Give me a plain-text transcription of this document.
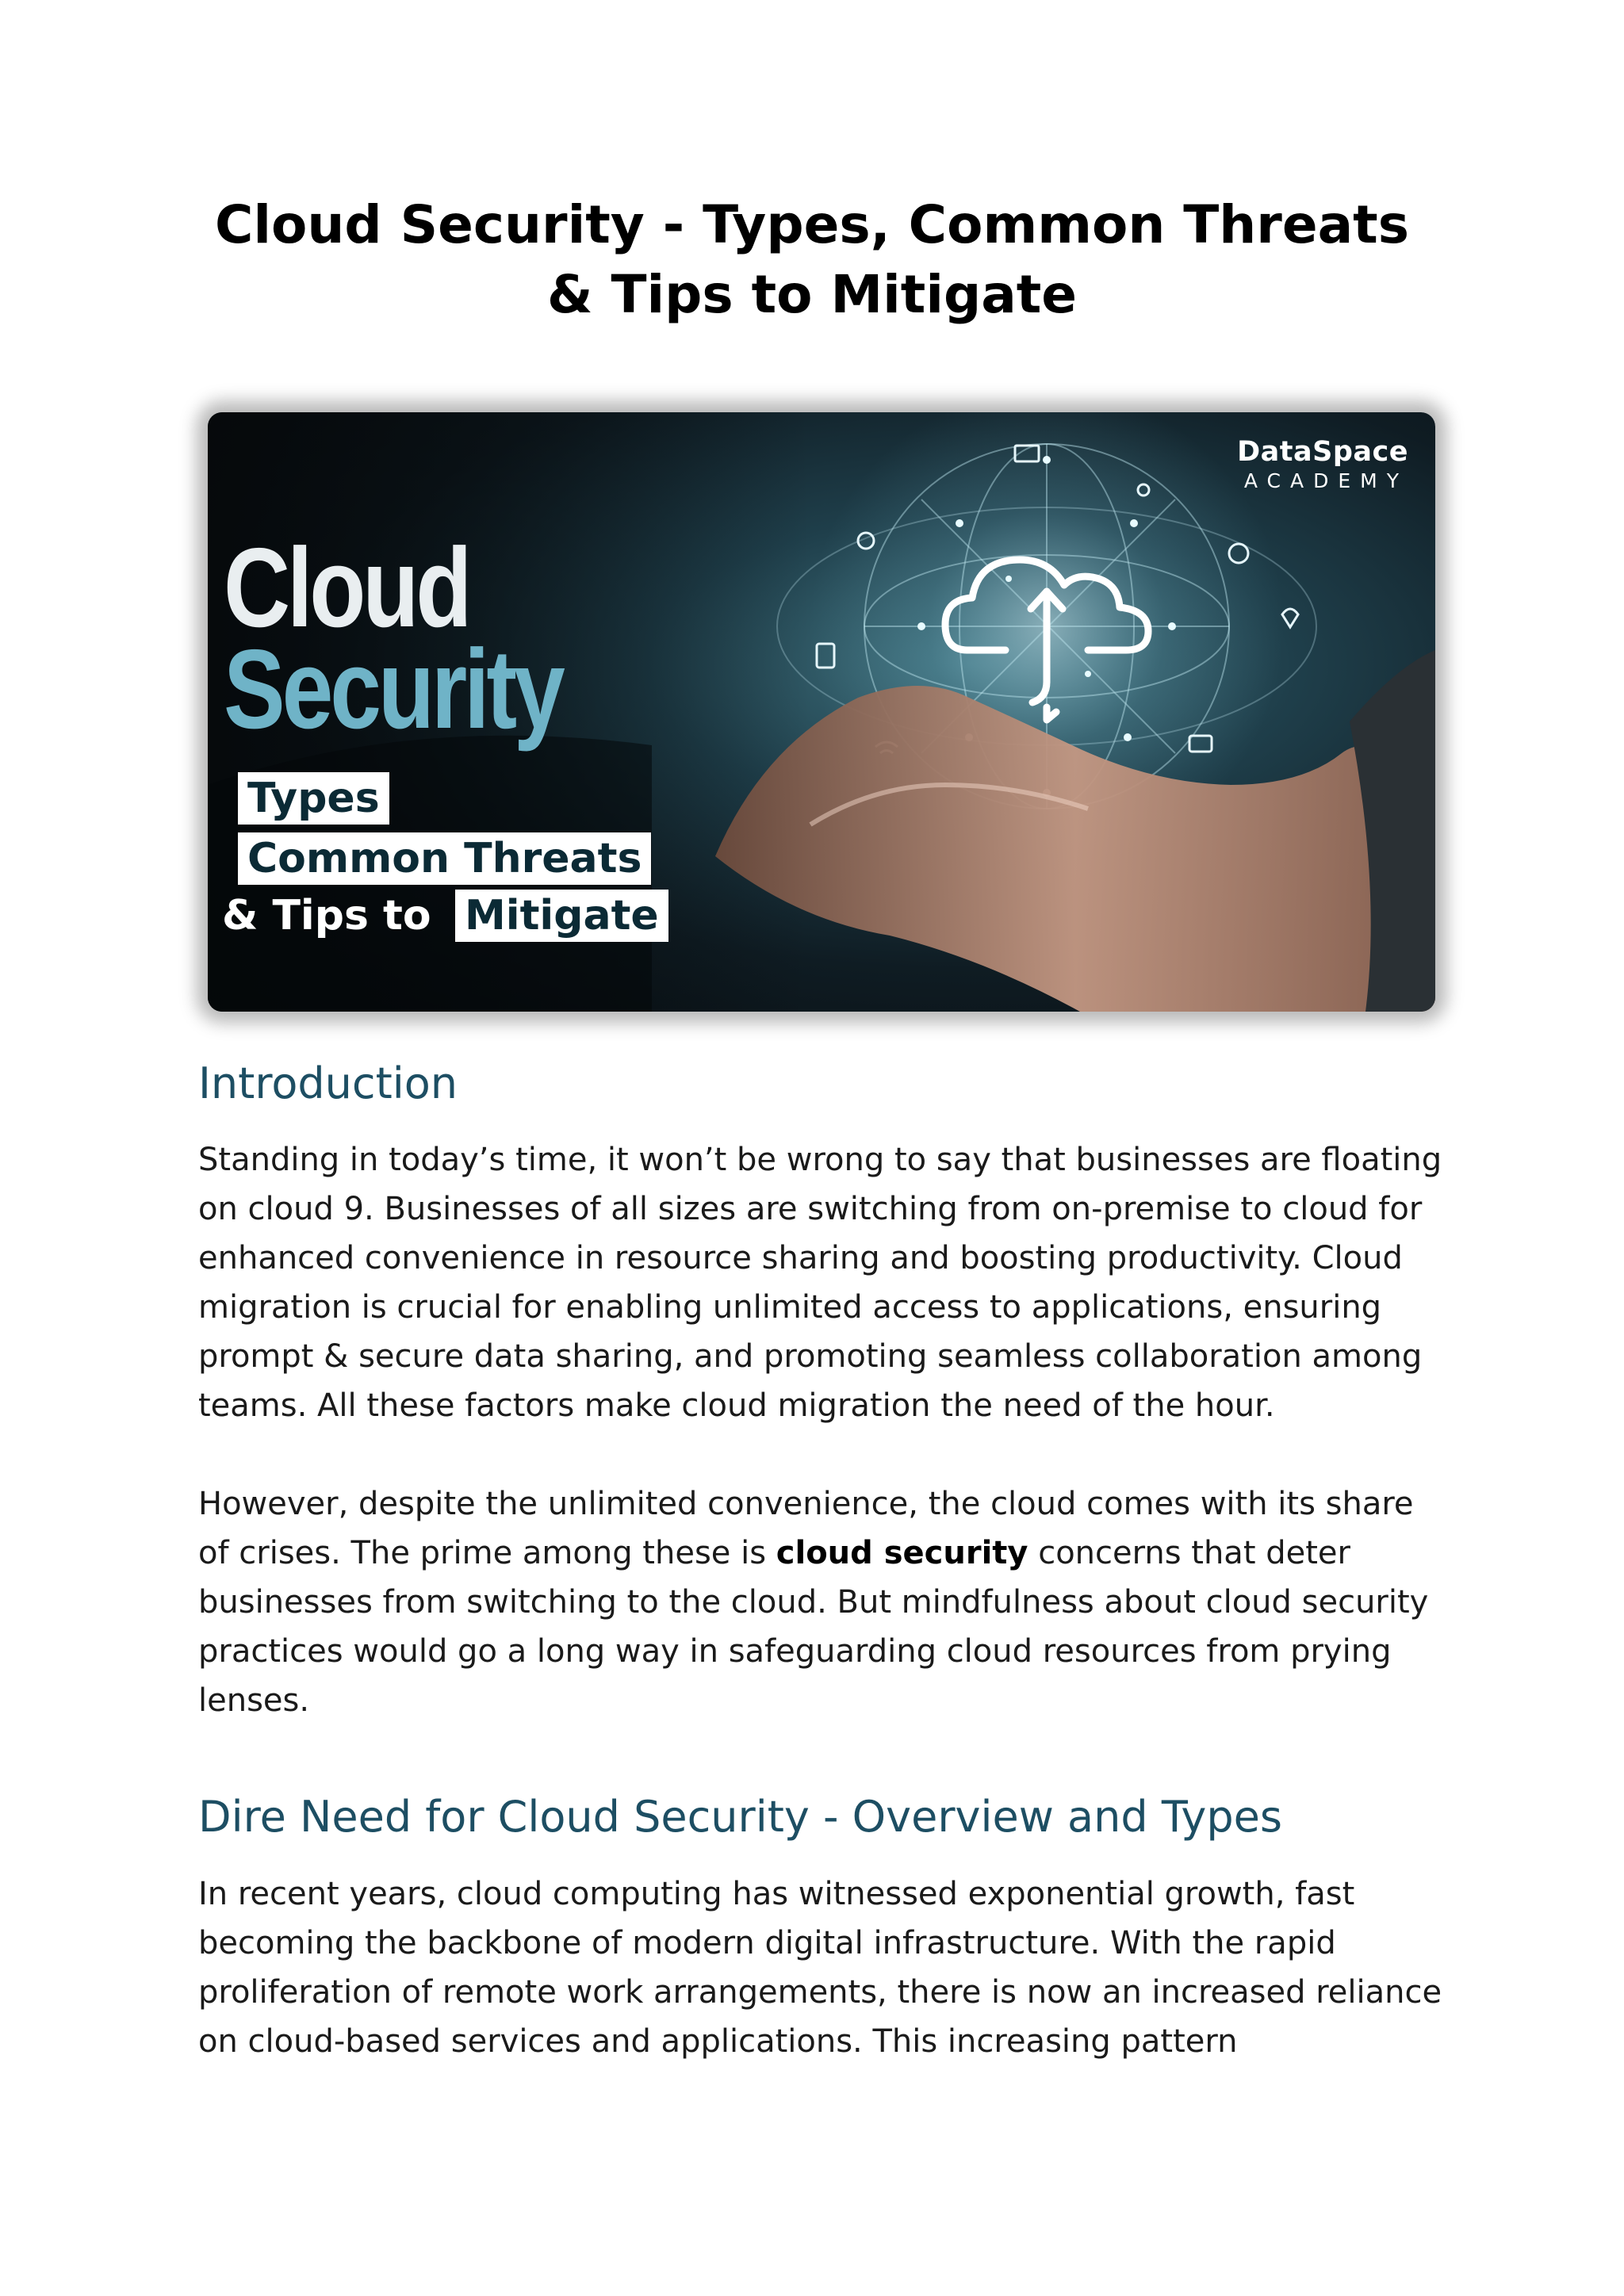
Cloud Security - Types, Common Threats
& Tips to Mitigate
DataSpace
ACADEMY
Cloud
Security
Types
Common Threats
& Tips to Mitigate
Introduction

Standing in today’s time, it won’t be wrong to say that businesses are floating on cloud 9. Businesses of all sizes are switching from on-premise to cloud for enhanced convenience in resource sharing and boosting productivity. Cloud migration is crucial for enabling unlimited access to applications, ensuring prompt & secure data sharing, and promoting seamless collaboration among teams. All these factors make cloud migration the need of the hour.

However, despite the unlimited convenience, the cloud comes with its share of crises. The prime among these is cloud security concerns that deter businesses from switching to the cloud. But mindfulness about cloud security practices would go a long way in safeguarding cloud resources from prying lenses.

Dire Need for Cloud Security - Overview and Types

In recent years, cloud computing has witnessed exponential growth, fast becoming the backbone of modern digital infrastructure. With the rapid proliferation of remote work arrangements, there is now an increased reliance on cloud-based services and applications. This increasing pattern
